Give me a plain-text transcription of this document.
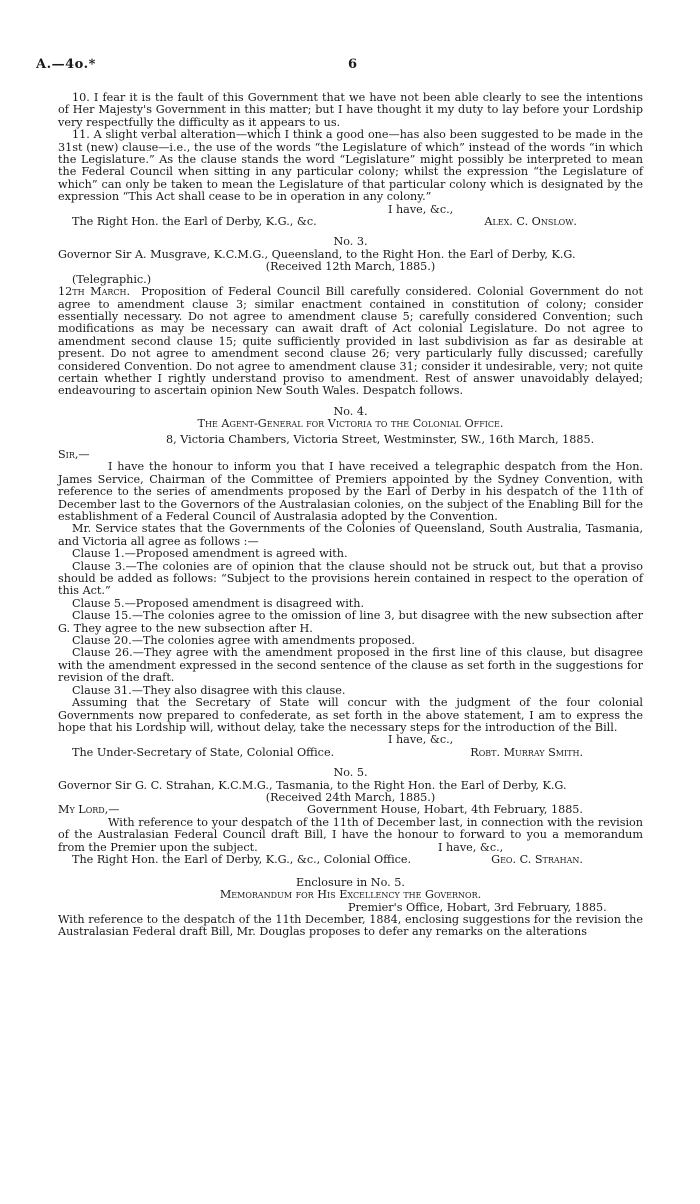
A.—4o.*	6

10. I fear it is the fault of this Government that we have not been able clearly to see the intentions of Her Majesty's Government in this matter; but I have thought it my duty to lay before your Lordship very respectfully the difficulty as it appears to us.

11. A slight verbal alteration—which I think a good one—has also been suggested to be made in the 31st (new) clause—i.e., the use of the words “the Legislature of which” instead of the words “in which the Legislature.” As the clause stands the word “Legislature” might possibly be interpreted to mean the Federal Council when sitting in any particular colony; whilst the expression “the Legislature of which” can only be taken to mean the Legislature of that particular colony which is designated by the expression “This Act shall cease to be in operation in any colony.”

I have, &c.,

The Right Hon. the Earl of Derby, K.G., &c.	Alex. C. Onslow.
No. 3.

Governor Sir A. Musgrave, K.C.M.G., Queensland, to the Right Hon. the Earl of Derby, K.G.

(Received 12th March, 1885.)

(Telegraphic.)

12th March. Proposition of Federal Council Bill carefully considered. Colonial Government do not agree to amendment clause 3; similar enactment contained in constitution of colony; consider essentially necessary. Do not agree to amendment clause 5; carefully considered Convention; such modifications as may be necessary can await draft of Act colonial Legislature. Do not agree to amendment second clause 15; quite sufficiently provided in last subdivision as far as desirable at present. Do not agree to amendment second clause 26; very particularly fully discussed; carefully considered Convention. Do not agree to amendment clause 31; consider it undesirable, very; not quite certain whether I rightly understand proviso to amendment. Rest of answer unavoidably delayed; endeavouring to ascertain opinion New South Wales. Despatch follows.

No. 4.

The Agent-General for Victoria to the Colonial Office.

8, Victoria Chambers, Victoria Street, Westminster, SW., 16th March, 1885.

Sir,—

I have the honour to inform you that I have received a telegraphic despatch from the Hon. James Service, Chairman of the Committee of Premiers appointed by the Sydney Convention, with reference to the series of amendments proposed by the Earl of Derby in his despatch of the 11th of December last to the Governors of the Australasian colonies, on the subject of the Enabling Bill for the establishment of a Federal Council of Australasia adopted by the Convention.

Mr. Service states that the Governments of the Colonies of Queensland, South Australia, Tasmania, and Victoria all agree as follows :—

Clause 1.—Proposed amendment is agreed with.

Clause 3.—The colonies are of opinion that the clause should not be struck out, but that a proviso should be added as follows: “Subject to the provisions herein contained in respect to the operation of this Act.”

Clause 5.—Proposed amendment is disagreed with.

Clause 15.—The colonies agree to the omission of line 3, but disagree with the new subsection after G. They agree to the new subsection after H.

Clause 20.—The colonies agree with amendments proposed.

Clause 26.—They agree with the amendment proposed in the first line of this clause, but disagree with the amendment expressed in the second sentence of the clause as set forth in the suggestions for revision of the draft.

Clause 31.—They also disagree with this clause.

Assuming that the Secretary of State will concur with the judgment of the four colonial Governments now prepared to confederate, as set forth in the above statement, I am to express the hope that his Lordship will, without delay, take the necessary steps for the introduction of the Bill.

I have, &c.,

The Under-Secretary of State, Colonial Office.	Robt. Murray Smith.
No. 5.

Governor Sir G. C. Strahan, K.C.M.G., Tasmania, to the Right Hon. the Earl of Derby, K.G.

(Received 24th March, 1885.)

My Lord,—	Government House, Hobart, 4th February, 1885.

With reference to your despatch of the 11th of December last, in connection with the revision of the Australasian Federal Council draft Bill, I have the honour to forward to you a memorandum from the Premier upon the subject.	I have, &c.,

The Right Hon. the Earl of Derby, K.G., &c., Colonial Office.	Geo. C. Strahan.
Enclosure in No. 5.

Memorandum for His Excellency the Governor.

Premier's Office, Hobart, 3rd February, 1885.

With reference to the despatch of the 11th December, 1884, enclosing suggestions for the revision the Australasian Federal draft Bill, Mr. Douglas proposes to defer any remarks on the alterations
